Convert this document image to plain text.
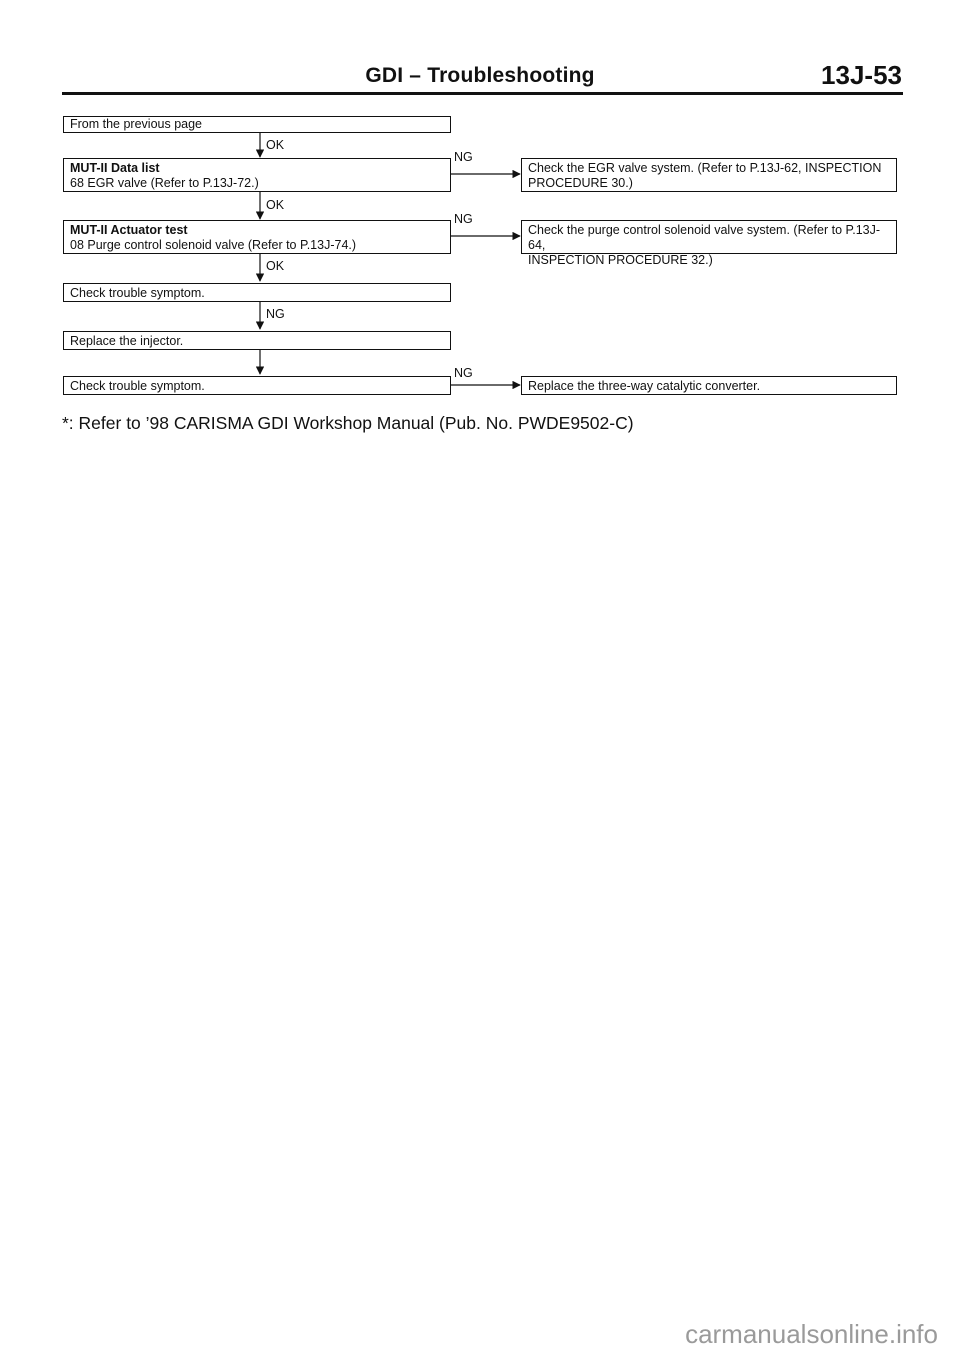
GDI – Troubleshooting	13J-53
From the previous page
OK
MUT-II Data list
68 EGR valve (Refer to P.13J-72.)
NG
Check the EGR valve system. (Refer to P.13J-62, INSPECTION
PROCEDURE 30.)
OK
MUT-II Actuator test
08 Purge control solenoid valve (Refer to P.13J-74.)
NG
Check the purge control solenoid valve system. (Refer to P.13J-64,
INSPECTION PROCEDURE 32.)
OK
Check trouble symptom.
NG
Replace the injector.
NG
Check trouble symptom.	Replace the three-way catalytic converter.
*: Refer to ’98 CARISMA GDI Workshop Manual (Pub. No. PWDE9502-C)
carmanualsonline.info
